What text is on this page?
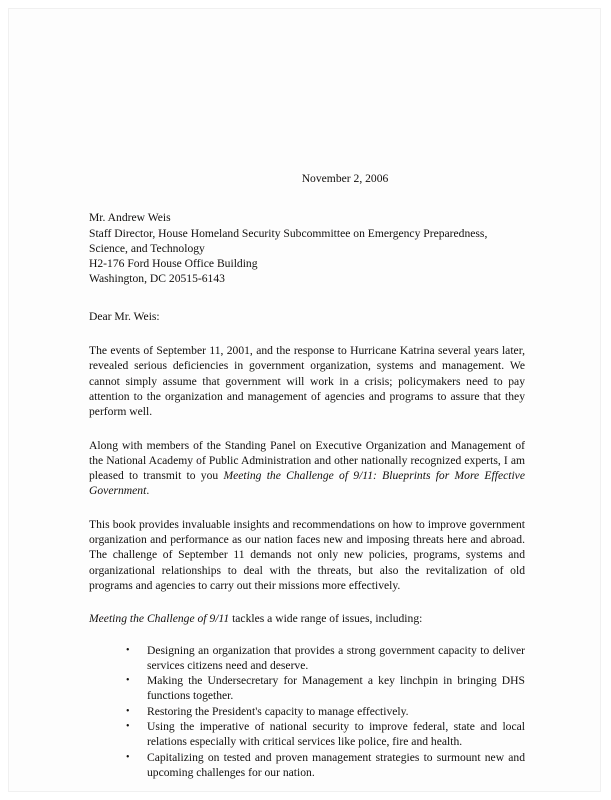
November 2, 2006
Mr. Andrew Weis
Staff Director, House Homeland Security Subcommittee on Emergency Preparedness,
Science, and Technology
H2-176 Ford House Office Building
Washington, DC 20515-6143
Dear Mr. Weis:

The events of September 11, 2001, and the response to Hurricane Katrina several years later, revealed serious deficiencies in government organization, systems and management. We cannot simply assume that government will work in a crisis; policymakers need to pay attention to the organization and management of agencies and programs to assure that they perform well.

Along with members of the Standing Panel on Executive Organization and Management of the National Academy of Public Administration and other nationally recognized experts, I am pleased to transmit to you Meeting the Challenge of 9/11: Blueprints for More Effective Government.

This book provides invaluable insights and recommendations on how to improve government organization and performance as our nation faces new and imposing threats here and abroad. The challenge of September 11 demands not only new policies, programs, systems and organizational relationships to deal with the threats, but also the revitalization of old programs and agencies to carry out their missions more effectively.

Meeting the Challenge of 9/11 tackles a wide range of issues, including:

• Designing an organization that provides a strong government capacity to deliver services citizens need and deserve.
• Making the Undersecretary for Management a key linchpin in bringing DHS functions together.
• Restoring the President's capacity to manage effectively.
• Using the imperative of national security to improve federal, state and local relations especially with critical services like police, fire and health.
• Capitalizing on tested and proven management strategies to surmount new and upcoming challenges for our nation.
